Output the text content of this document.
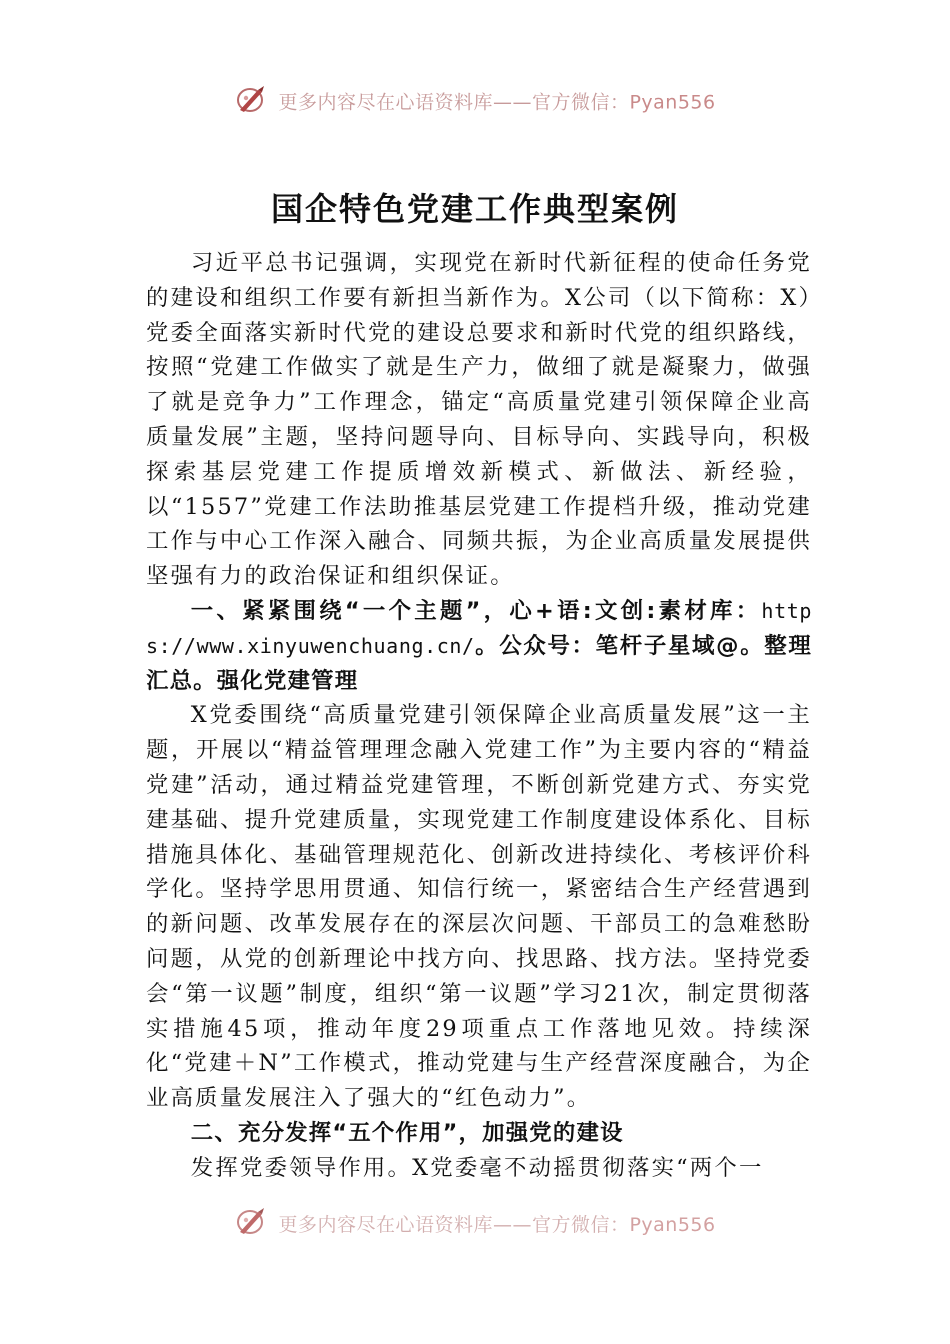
更多内容尽在心语资料库——官方微信：Pyan556
国企特色党建工作典型案例

习近平总书记强调，实现党在新时代新征程的使命任务党的建设和组织工作要有新担当新作为。X公司（以下简称：X）党委全面落实新时代党的建设总要求和新时代党的组织路线，按照“党建工作做实了就是生产力，做细了就是凝聚力，做强了就是竞争力”工作理念，锚定“高质量党建引领保障企业高质量发展”主题，坚持问题导向、目标导向、实践导向，积极探索基层党建工作提质增效新模式、新做法、新经验，以“1557”党建工作法助推基层党建工作提档升级，推动党建工作与中心工作深入融合、同频共振，为企业高质量发展提供坚强有力的政治保证和组织保证。

一、紧紧围绕“一个主题”，心+语:文创:素材库：https://www.xinyuwenchuang.cn/。公众号：笔杆子星域@。整理汇总。强化党建管理

X党委围绕“高质量党建引领保障企业高质量发展”这一主题，开展以“精益管理理念融入党建工作”为主要内容的“精益党建”活动，通过精益党建管理，不断创新党建方式、夯实党建基础、提升党建质量，实现党建工作制度建设体系化、目标措施具体化、基础管理规范化、创新改进持续化、考核评价科学化。坚持学思用贯通、知信行统一，紧密结合生产经营遇到的新问题、改革发展存在的深层次问题、干部员工的急难愁盼问题，从党的创新理论中找方向、找思路、找方法。坚持党委会“第一议题”制度，组织“第一议题”学习21次，制定贯彻落实措施45项，推动年度29项重点工作落地见效。持续深化“党建＋N”工作模式，推动党建与生产经营深度融合，为企业高质量发展注入了强大的“红色动力”。

二、充分发挥“五个作用”，加强党的建设

发挥党委领导作用。X党委毫不动摇贯彻落实“两个一

更多内容尽在心语资料库——官方微信：Pyan556
